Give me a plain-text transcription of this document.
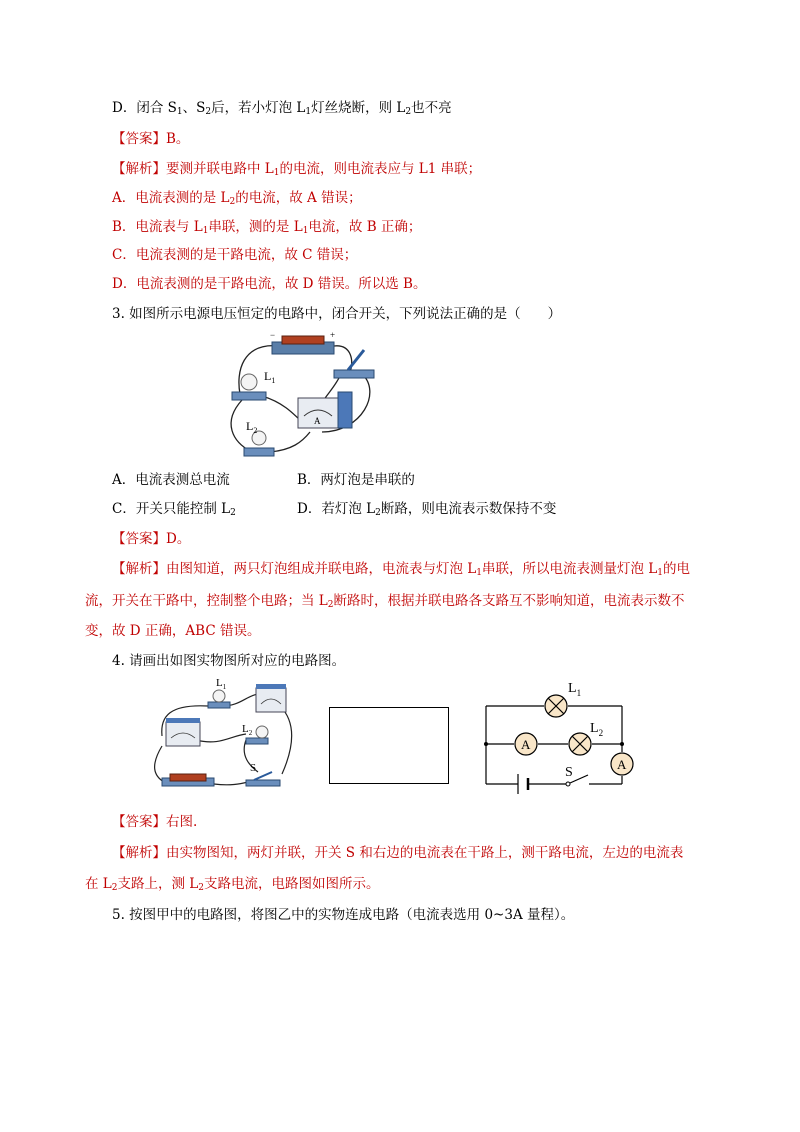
D．闭合 $S_1$、$S_2$后，若小灯泡 $L_1$灯丝烧断，则 $L_2$也不亮
【答案】B。
【解析】要测并联电路中 $L_1$的电流，则电流表应与 L1 串联；
A．电流表测的是 $L_2$的电流，故 A 错误；
B．电流表与 $L_1$串联，测的是 $L_1$电流，故 B 正确；
C．电流表测的是干路电流，故 C 错误；
D．电流表测的是干路电流，故 D 错误。所以选 B。
3. 如图所示电源电压恒定的电路中，闭合开关，下列说法正确的是（　　）
−	+
$L_1$
A
$L_2$
A．电流表测总电流	B．两灯泡是串联的
C．开关只能控制 $L_2$	D．若灯泡 $L_2$断路，则电流表示数保持不变
【答案】D。
【解析】由图知道，两只灯泡组成并联电路，电流表与灯泡 $L_1$串联，所以电流表测量灯泡 $L_1$的电
流，开关在干路中，控制整个电路；当 $L_2$断路时，根据并联电路各支路互不影响知道，电流表示数不
变，故 D 正确，ABC 错误。
4. 请画出如图实物图所对应的电路图。
$L_1$
$L_2$
S
$L_1$
A
$L_2$
A
S
【答案】右图.
【解析】由实物图知，两灯并联，开关 S 和右边的电流表在干路上，测干路电流，左边的电流表
在 $L_2$支路上，测 $L_2$支路电流，电路图如图所示。
5. 按图甲中的电路图，将图乙中的实物连成电路（电流表选用 0~3A 量程）。
